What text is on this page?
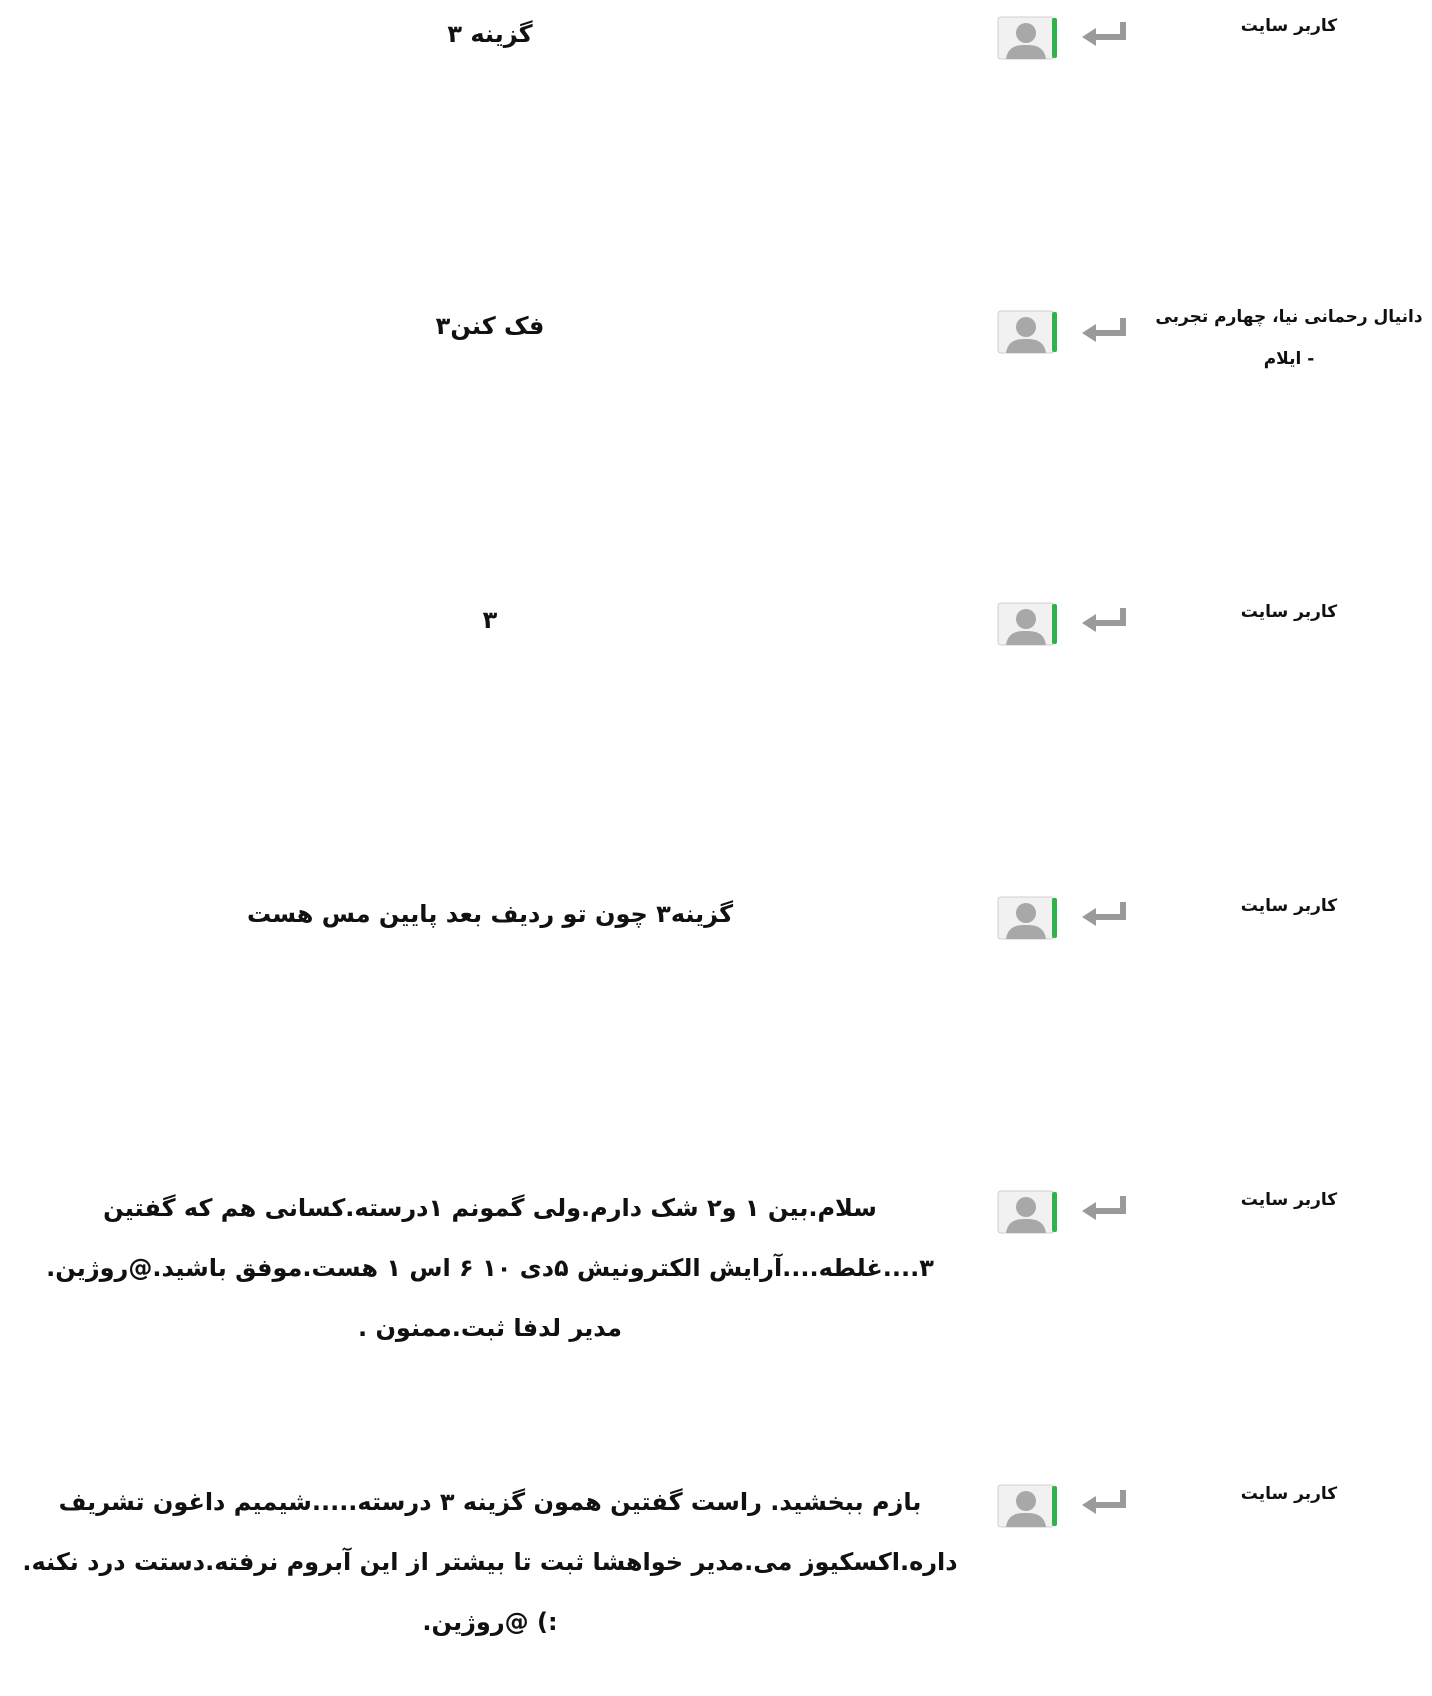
کاربر سایت
گزینه ۳
دانیال رحمانی نیا، چهارم تجربی - ایلام
فک کنن۳
کاربر سایت
۳
کاربر سایت
گزینه۳ چون تو ردیف بعد پایین مس هست
کاربر سایت
سلام.بین ۱ و۲ شک دارم.ولی گمونم ۱درسته.کسانی هم که گفتین ۳....غلطه....آرایش الکترونیش ۵دی ۱۰ ۶ اس ۱ هست.موفق باشید.@روژین. مدیر لدفا ثبت.ممنون .
کاربر سایت
بازم ببخشید. راست گفتین همون گزینه ۳ درسته.....شیمیم داغون تشریف داره.اکسکیوز می.مدیر خواهشا ثبت تا بیشتر از این آبروم نرفته.دستت درد نکنه. :) @روژین.
